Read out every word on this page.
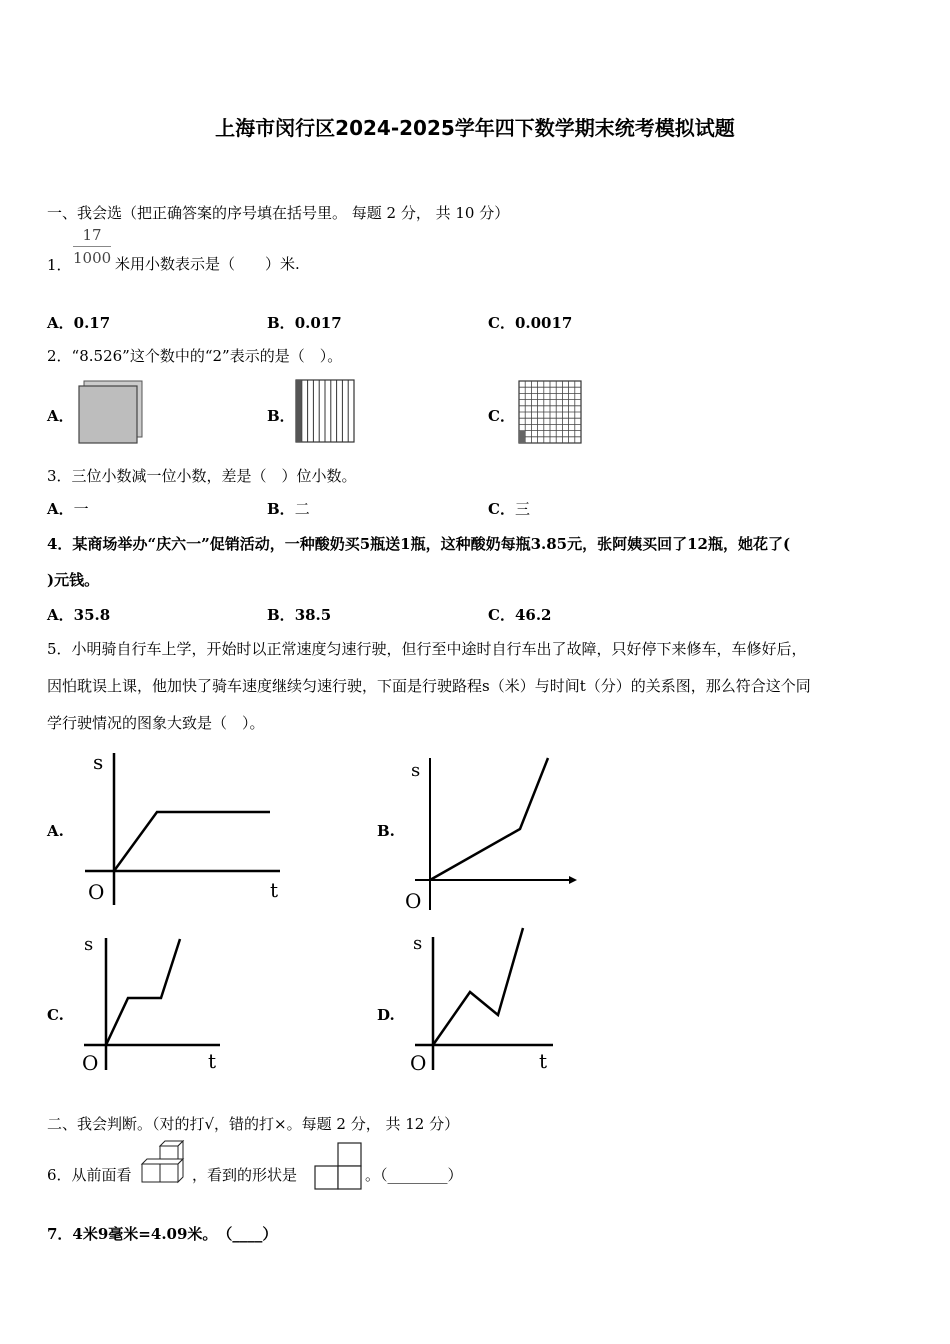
上海市闵行区2024-2025学年四下数学期末统考模拟试题
一、我会选（把正确答案的序号填在括号里。 每题 2 分， 共 10 分）
17
1000
1．	米用小数表示是（　　）米.
A．0.17	B．0.017	C．0.0017
2．“8.526”这个数中的“2”表示的是（　）。
A．	B．	C．
3．三位小数减一位小数，差是（　）位小数。
A．一	B．二	C．三
4．某商场举办“庆六一”促销活动，一种酸奶买5瓶送1瓶，这种酸奶每瓶3.85元，张阿姨买回了12瓶，她花了(
)元钱。
A．35.8	B．38.5	C．46.2
5．小明骑自行车上学，开始时以正常速度匀速行驶，但行至中途时自行车出了故障，只好停下来修车，车修好后，
因怕耽误上课，他加快了骑车速度继续匀速行驶，下面是行驶路程s（米）与时间t（分）的关系图，那么符合这个同
学行驶情况的图象大致是（　）。
A.	B.
C.	D.
s
O	t
s
O
s
O	t
s
O	t
二、我会判断。（对的打√，错的打×。每题 2 分， 共 12 分）
6．从前面看	，看到的形状是	。（________）
7．4米9毫米=4.09米。　（____）
